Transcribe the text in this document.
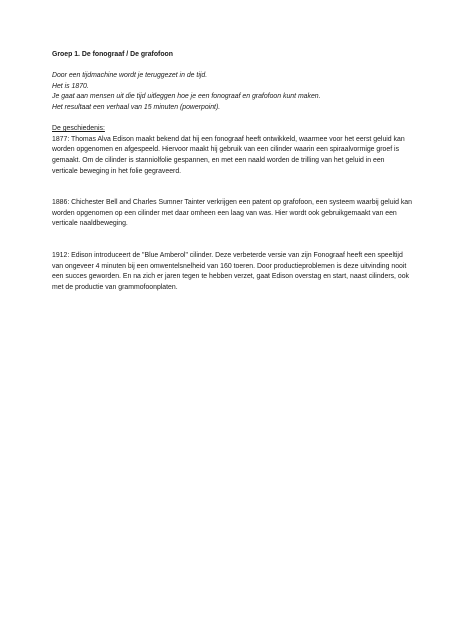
Groep 1. De fonograaf / De grafofoon

Door een tijdmachine wordt je teruggezet in de tijd.

Het is 1870.

Je gaat aan mensen uit die tijd uitleggen hoe je een fonograaf en grafofoon kunt maken.

Het resultaat een verhaal van 15 minuten (powerpoint).

De geschiedenis:

1877: Thomas Alva Edison maakt bekend dat hij een fonograaf heeft ontwikkeld, waarmee voor het eerst geluid kan worden opgenomen en afgespeeld. Hiervoor maakt hij gebruik van een cilinder waarin een spiraalvormige groef is gemaakt. Om de cilinder is stanniolfolie gespannen, en met een naald worden de trilling van het geluid in een verticale beweging in het folie gegraveerd.

1886: Chichester Bell and Charles Sumner Tainter verkrijgen een patent op grafofoon, een systeem waarbij geluid kan worden opgenomen op een cilinder met daar omheen een laag van was. Hier wordt ook gebruikgemaakt van een verticale naaldbeweging.

1912: Edison introduceert de "Blue Amberol" cilinder. Deze verbeterde versie van zijn Fonograaf heeft een speeltijd van ongeveer 4 minuten bij een omwentelsnelheid van 160 toeren. Door productieproblemen is deze uitvinding nooit een succes geworden. En na zich er jaren tegen te hebben verzet, gaat Edison overstag en start, naast cilinders, ook met de productie van grammofoonplaten.
